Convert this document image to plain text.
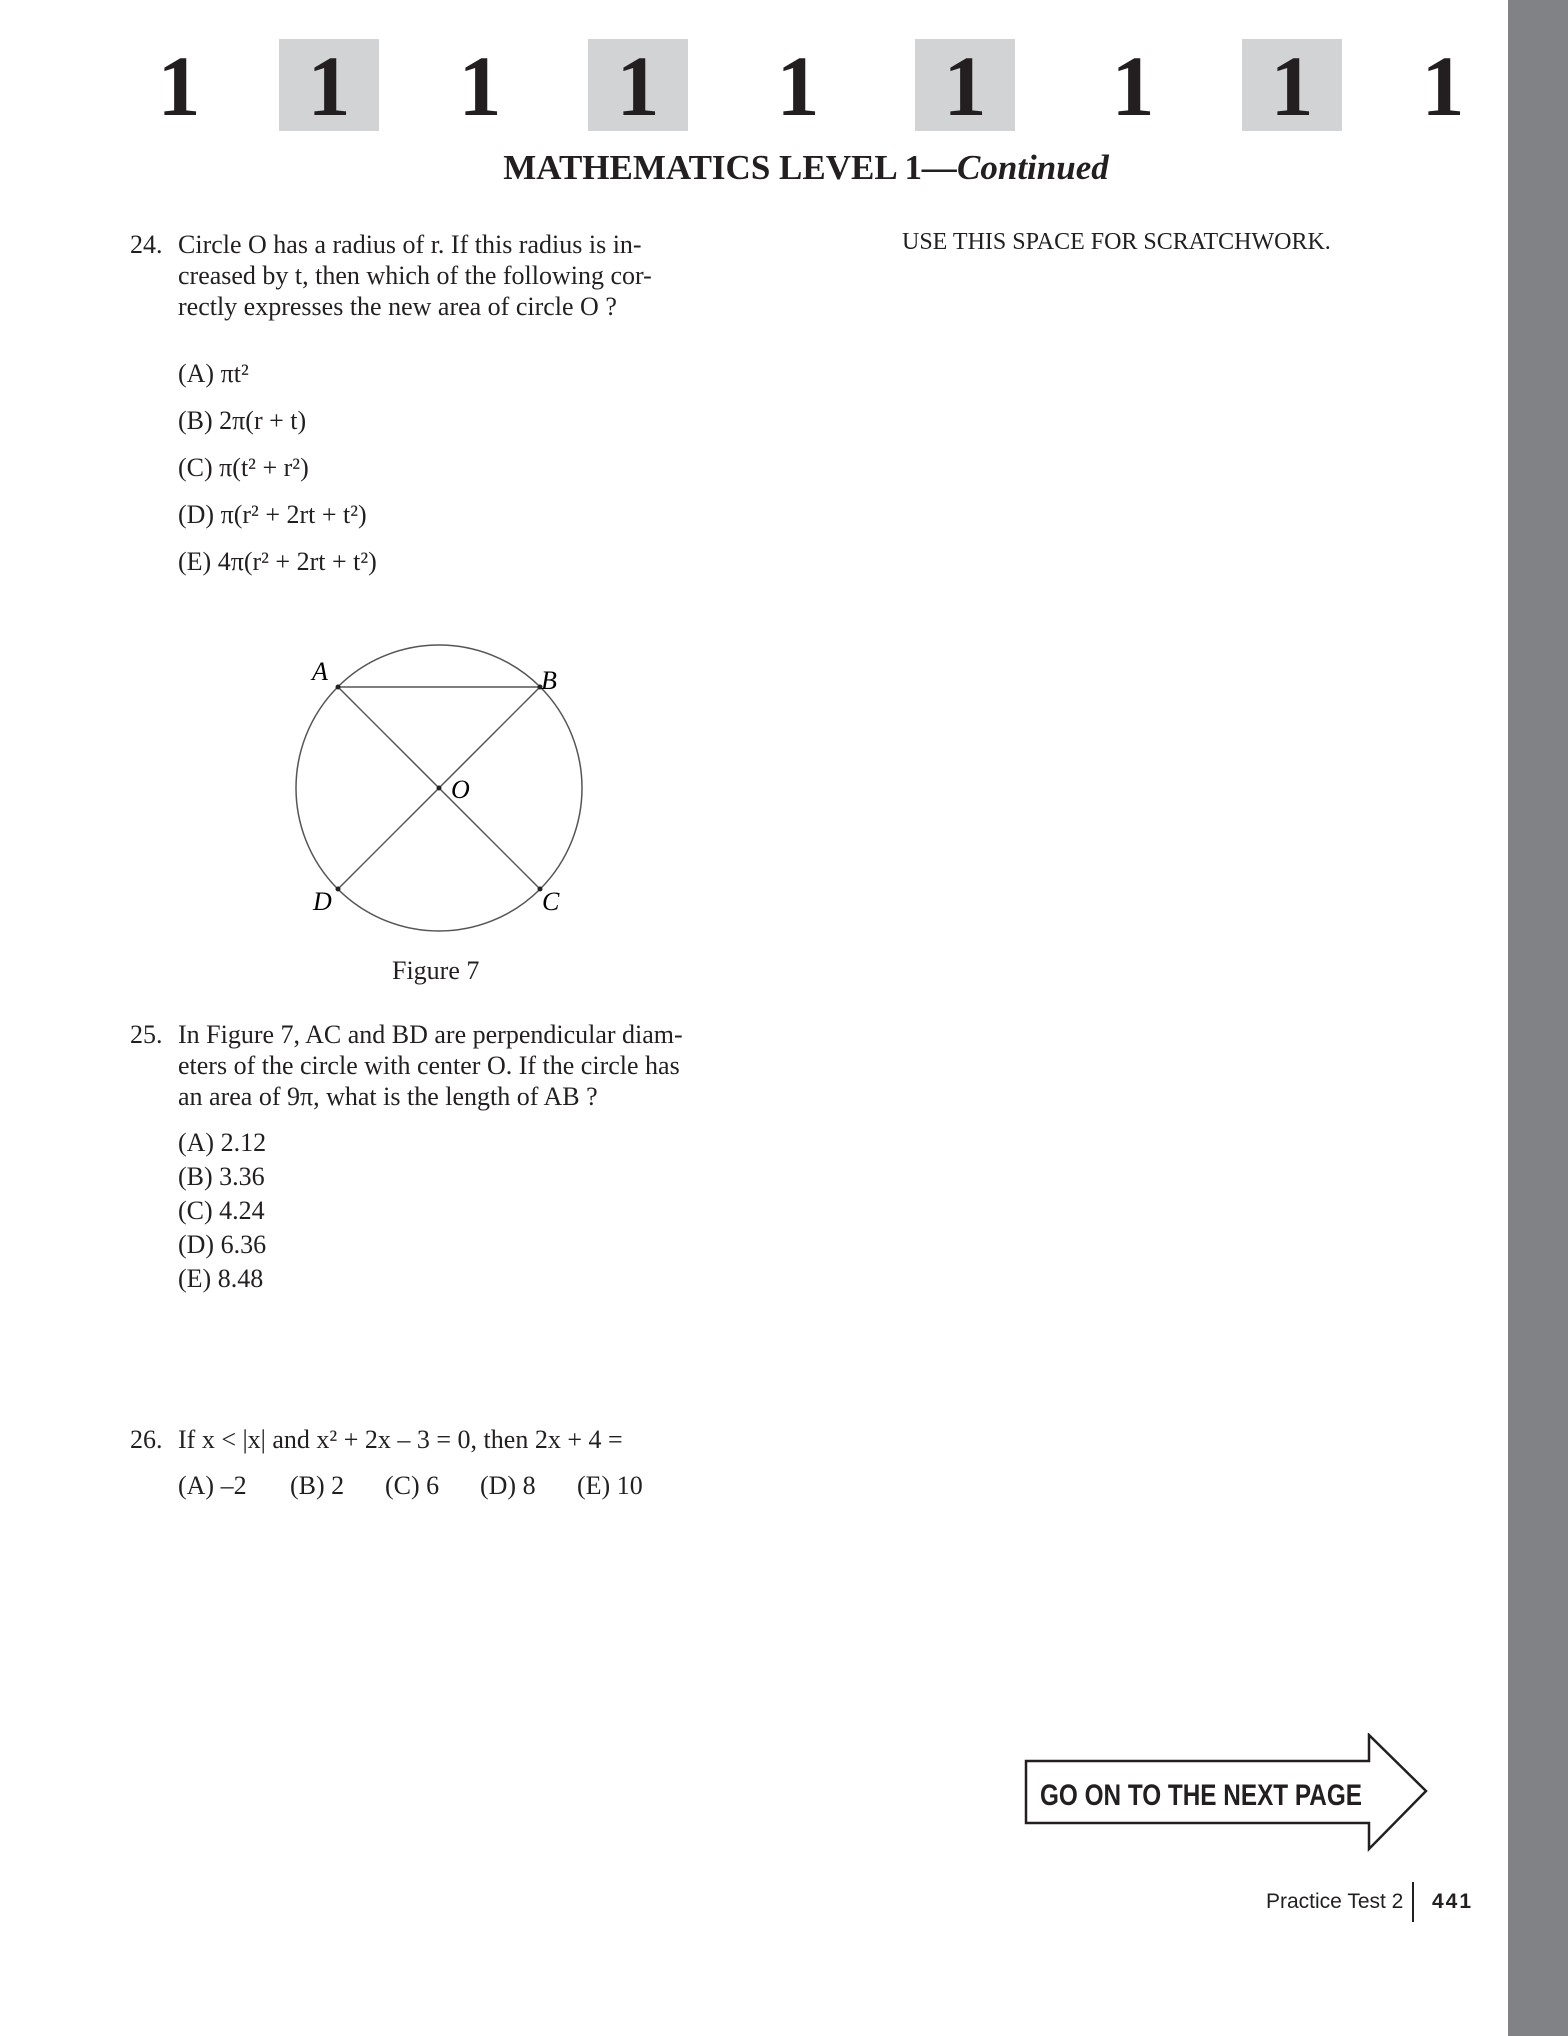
1	1	1	1	1	1	1	1	1
MATHEMATICS LEVEL 1—Continued
USE THIS SPACE FOR SCRATCHWORK.
24. Circle O has a radius of r. If this radius is in-
creased by t, then which of the following cor-
rectly expresses the new area of circle O ?
(A) πt²
(B) 2π(r + t)
(C) π(t² + r²)
(D) π(r² + 2rt + t²)
(E) 4π(r² + 2rt + t²)
A	B
C
D
O
Figure 7
25. In Figure 7, AC and BD are perpendicular diam-
eters of the circle with center O. If the circle has
an area of 9π, what is the length of AB ?
(A) 2.12
(B) 3.36
(C) 4.24
(D) 6.36
(E) 8.48
26. If x < |x| and x² + 2x – 3 = 0, then 2x + 4 =
(A) –2 (B) 2 (C) 6 (D) 8 (E) 10
GO ON TO THE NEXT PAGE
Practice Test 2 441
